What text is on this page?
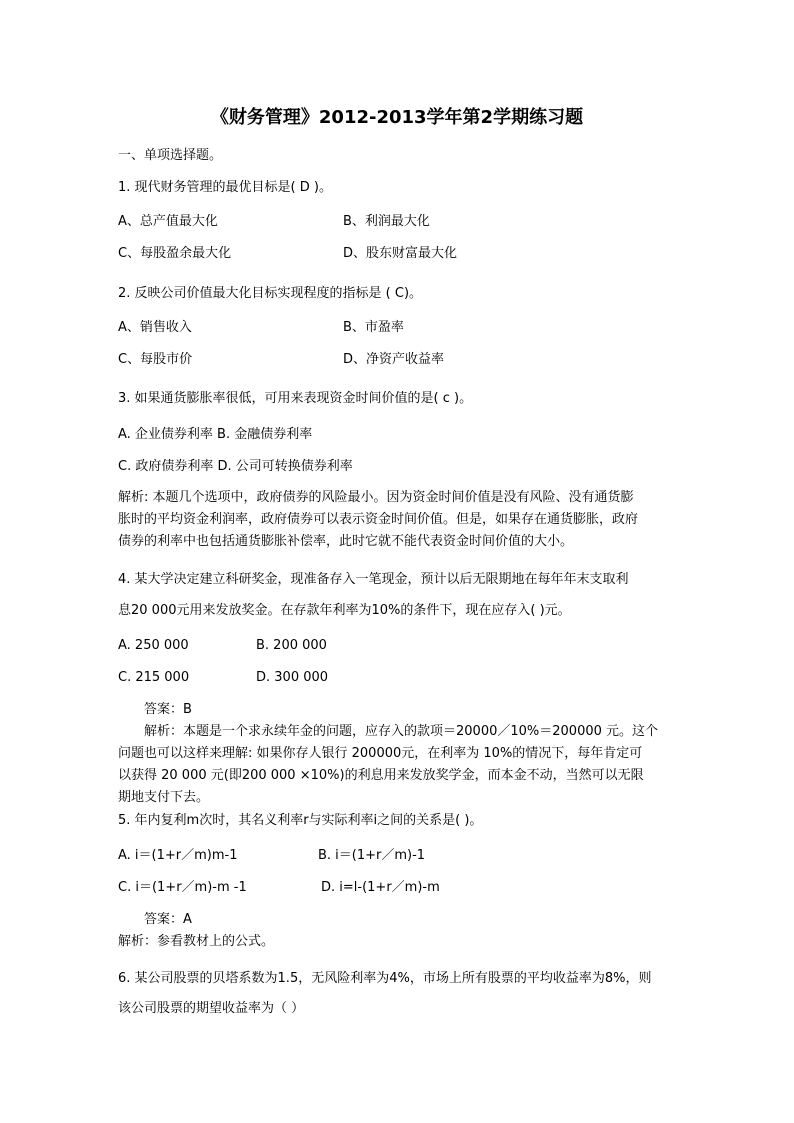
《财务管理》2012-2013学年第2学期练习题
一、单项选择题。
1. 现代财务管理的最优目标是( D )。
A、总产值最大化	B、利润最大化
C、每股盈余最大化	D、股东财富最大化
2. 反映公司价值最大化目标实现程度的指标是 ( C)。
A、销售收入	B、市盈率
C、每股市价	D、净资产收益率
3. 如果通货膨胀率很低，可用来表现资金时间价值的是( c )。
A. 企业债券利率 B. 金融债券利率
C. 政府债券利率 D. 公司可转换债券利率
解析: 本题几个选项中，政府债券的风险最小。因为资金时间价值是没有风险、没有通货膨
胀时的平均资金利润率，政府债券可以表示资金时间价值。但是，如果存在通货膨胀，政府
债券的利率中也包括通货膨胀补偿率，此时它就不能代表资金时间价值的大小。
4. 某大学决定建立科研奖金，现准备存入一笔现金，预计以后无限期地在每年年末支取利
息20 000元用来发放奖金。在存款年利率为10%的条件下，现在应存入( )元。
A. 250 000	B. 200 000
C. 215 000	D. 300 000
答案：B
解析：本题是一个求永续年金的问题，应存入的款项＝20000／10%＝200000 元。这个
问题也可以这样来理解: 如果你存人银行 200000元，在利率为 10%的情况下，每年肯定可
以获得 20 000 元(即200 000 ×10%)的利息用来发放奖学金，而本金不动，当然可以无限
期地支付下去。
5. 年内复利m次时，其名义利率r与实际利率i之间的关系是( )。
A. i＝(1+r／m)m-1	B. i＝(1+r／m)-1
C. i＝(1+r／m)-m -1	D. i=l-(1+r／m)-m
答案：A
解析：参看教材上的公式。
6. 某公司股票的贝塔系数为1.5，无风险利率为4%，市场上所有股票的平均收益率为8%，则
该公司股票的期望收益率为（ ）
